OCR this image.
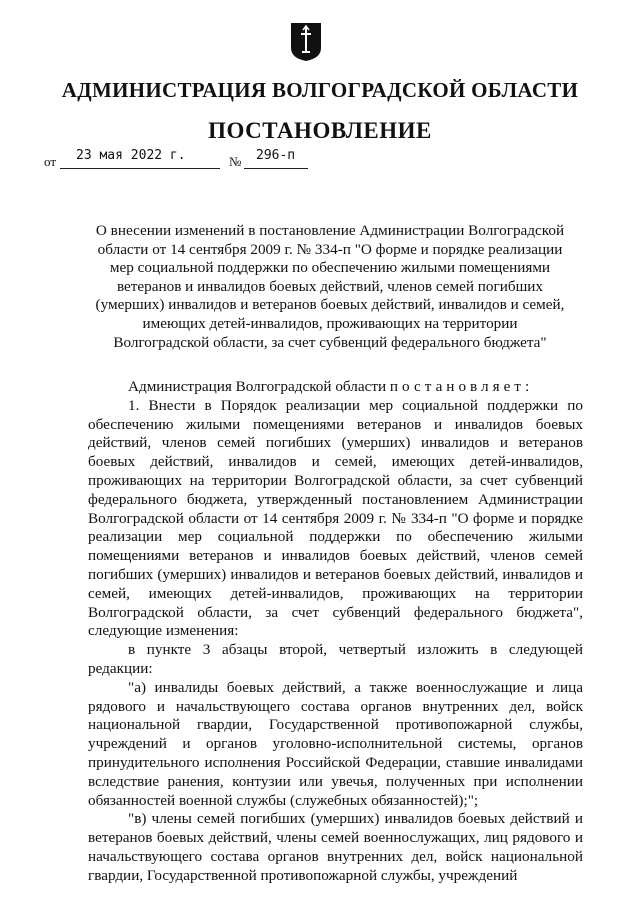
АДМИНИСТРАЦИЯ ВОЛГОГРАДСКОЙ ОБЛАСТИ
ПОСТАНОВЛЕНИЕ
от 23 мая 2022 г.	№ 296-п
О внесении изменений в постановление Администрации Волгоградской
области от 14 сентября 2009 г. № 334-п "О форме и порядке реализации
мер социальной поддержки по обеспечению жилыми помещениями
ветеранов и инвалидов боевых действий, членов семей погибших
(умерших) инвалидов и ветеранов боевых действий, инвалидов и семей,
имеющих детей-инвалидов, проживающих на территории
Волгоградской области, за счет субвенций федерального бюджета"

Администрация Волгоградской области постановляет:

1. Внести в Порядок реализации мер социальной поддержки по обеспечению жилыми помещениями ветеранов и инвалидов боевых действий, членов семей погибших (умерших) инвалидов и ветеранов боевых действий, инвалидов и семей, имеющих детей-инвалидов, проживающих на территории Волгоградской области, за счет субвенций федерального бюджета, утвержденный постановлением Администрации Волгоградской области от 14 сентября 2009 г. № 334-п "О форме и порядке реализации мер социальной поддержки по обеспечению жилыми помещениями ветеранов и инвалидов боевых действий, членов семей погибших (умерших) инвалидов и ветеранов боевых действий, инвалидов и семей, имеющих детей-инвалидов, проживающих на территории Волгоградской области, за счет субвенций федерального бюджета", следующие изменения:

в пункте 3 абзацы второй, четвертый изложить в следующей редакции:

"а) инвалиды боевых действий, а также военнослужащие и лица рядового и начальствующего состава органов внутренних дел, войск национальной гвардии, Государственной противопожарной службы, учреждений и органов уголовно-исполнительной системы, органов принудительного исполнения Российской Федерации, ставшие инвалидами вследствие ранения, контузии или увечья, полученных при исполнении обязанностей военной службы (служебных обязанностей);";

"в) члены семей погибших (умерших) инвалидов боевых действий и ветеранов боевых действий, члены семей военнослужащих, лиц рядового и начальствующего состава органов внутренних дел, войск национальной гвардии, Государственной противопожарной службы, учреждений
